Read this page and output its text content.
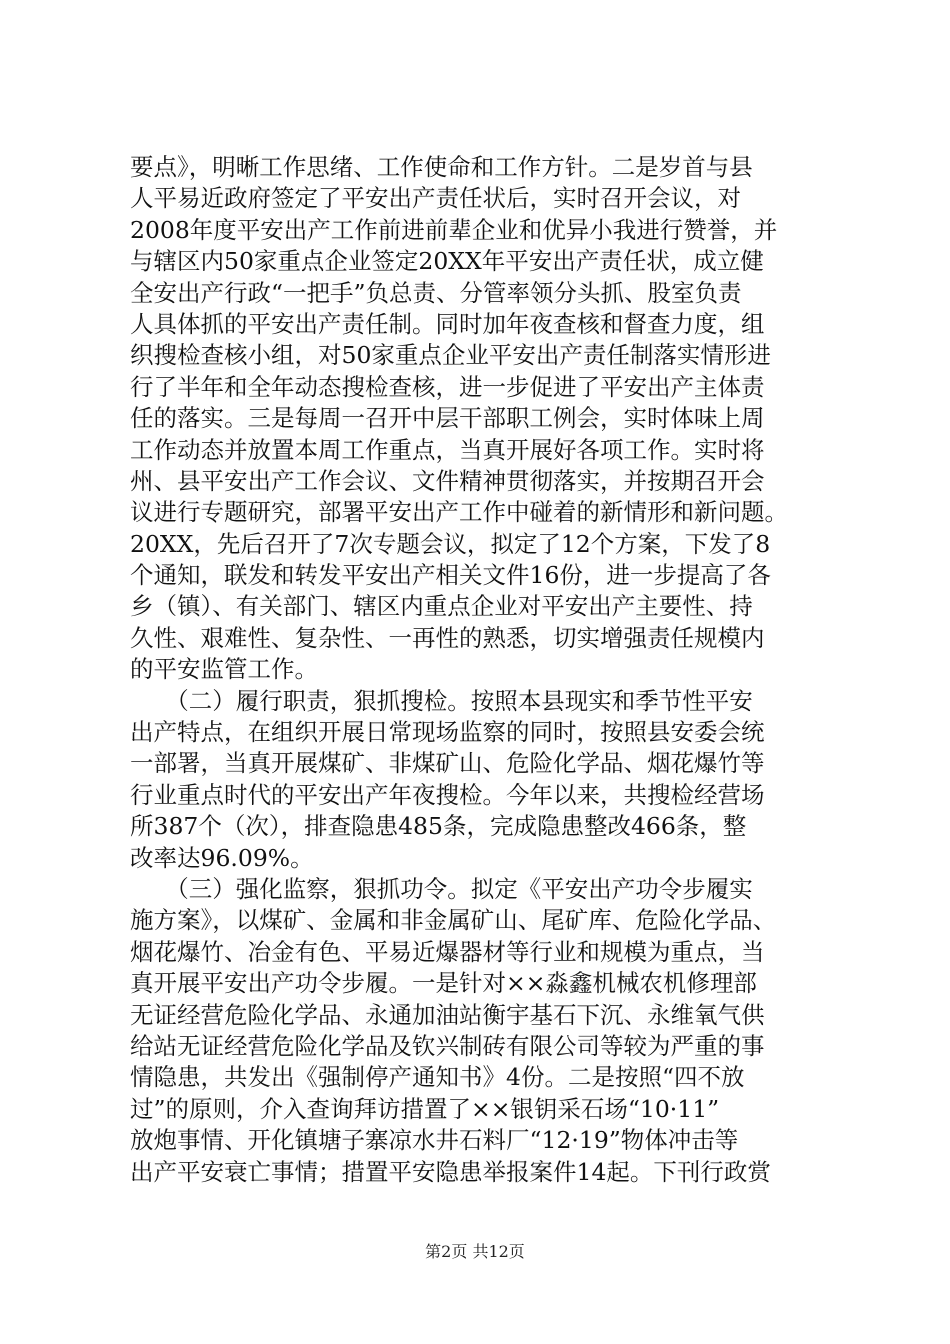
要点》，明晰工作思绪、工作使命和工作方针。二是岁首与县
人平易近政府签定了平安出产责任状后，实时召开会议，对
2008年度平安出产工作前进前辈企业和优异小我进行赞誉，并
与辖区内50家重点企业签定20XX年平安出产责任状，成立健
全安出产行政“一把手”负总责、分管率领分头抓、股室负责
人具体抓的平安出产责任制。同时加年夜查核和督查力度，组
织搜检查核小组，对50家重点企业平安出产责任制落实情形进
行了半年和全年动态搜检查核，进一步促进了平安出产主体责
任的落实。三是每周一召开中层干部职工例会，实时体味上周
工作动态并放置本周工作重点，当真开展好各项工作。实时将
州、县平安出产工作会议、文件精神贯彻落实，并按期召开会
议进行专题研究，部署平安出产工作中碰着的新情形和新问题。
20XX，先后召开了7次专题会议，拟定了12个方案，下发了8
个通知，联发和转发平安出产相关文件16份，进一步提高了各
乡（镇）、有关部门、辖区内重点企业对平安出产主要性、持
久性、艰难性、复杂性、一再性的熟悉，切实增强责任规模内
的平安监管工作。
　　（二）履行职责，狠抓搜检。按照本县现实和季节性平安
出产特点，在组织开展日常现场监察的同时，按照县安委会统
一部署，当真开展煤矿、非煤矿山、危险化学品、烟花爆竹等
行业重点时代的平安出产年夜搜检。今年以来，共搜检经营场
所387个（次），排查隐患485条，完成隐患整改466条，整
改率达96.09%。
　　（三）强化监察，狠抓功令。拟定《平安出产功令步履实
施方案》，以煤矿、金属和非金属矿山、尾矿库、危险化学品、
烟花爆竹、冶金有色、平易近爆器材等行业和规模为重点，当
真开展平安出产功令步履。一是针对××淼鑫机械农机修理部
无证经营危险化学品、永通加油站衡宇基石下沉、永维氧气供
给站无证经营危险化学品及钦兴制砖有限公司等较为严重的事
情隐患，共发出《强制停产通知书》4份。二是按照“四不放
过”的原则，介入查询拜访措置了××银钥采石场“10·11”
放炮事情、开化镇塘子寨凉水井石料厂“12·19”物体冲击等
出产平安衰亡事情；措置平安隐患举报案件14起。下刊行政赏
第2页 共12页
